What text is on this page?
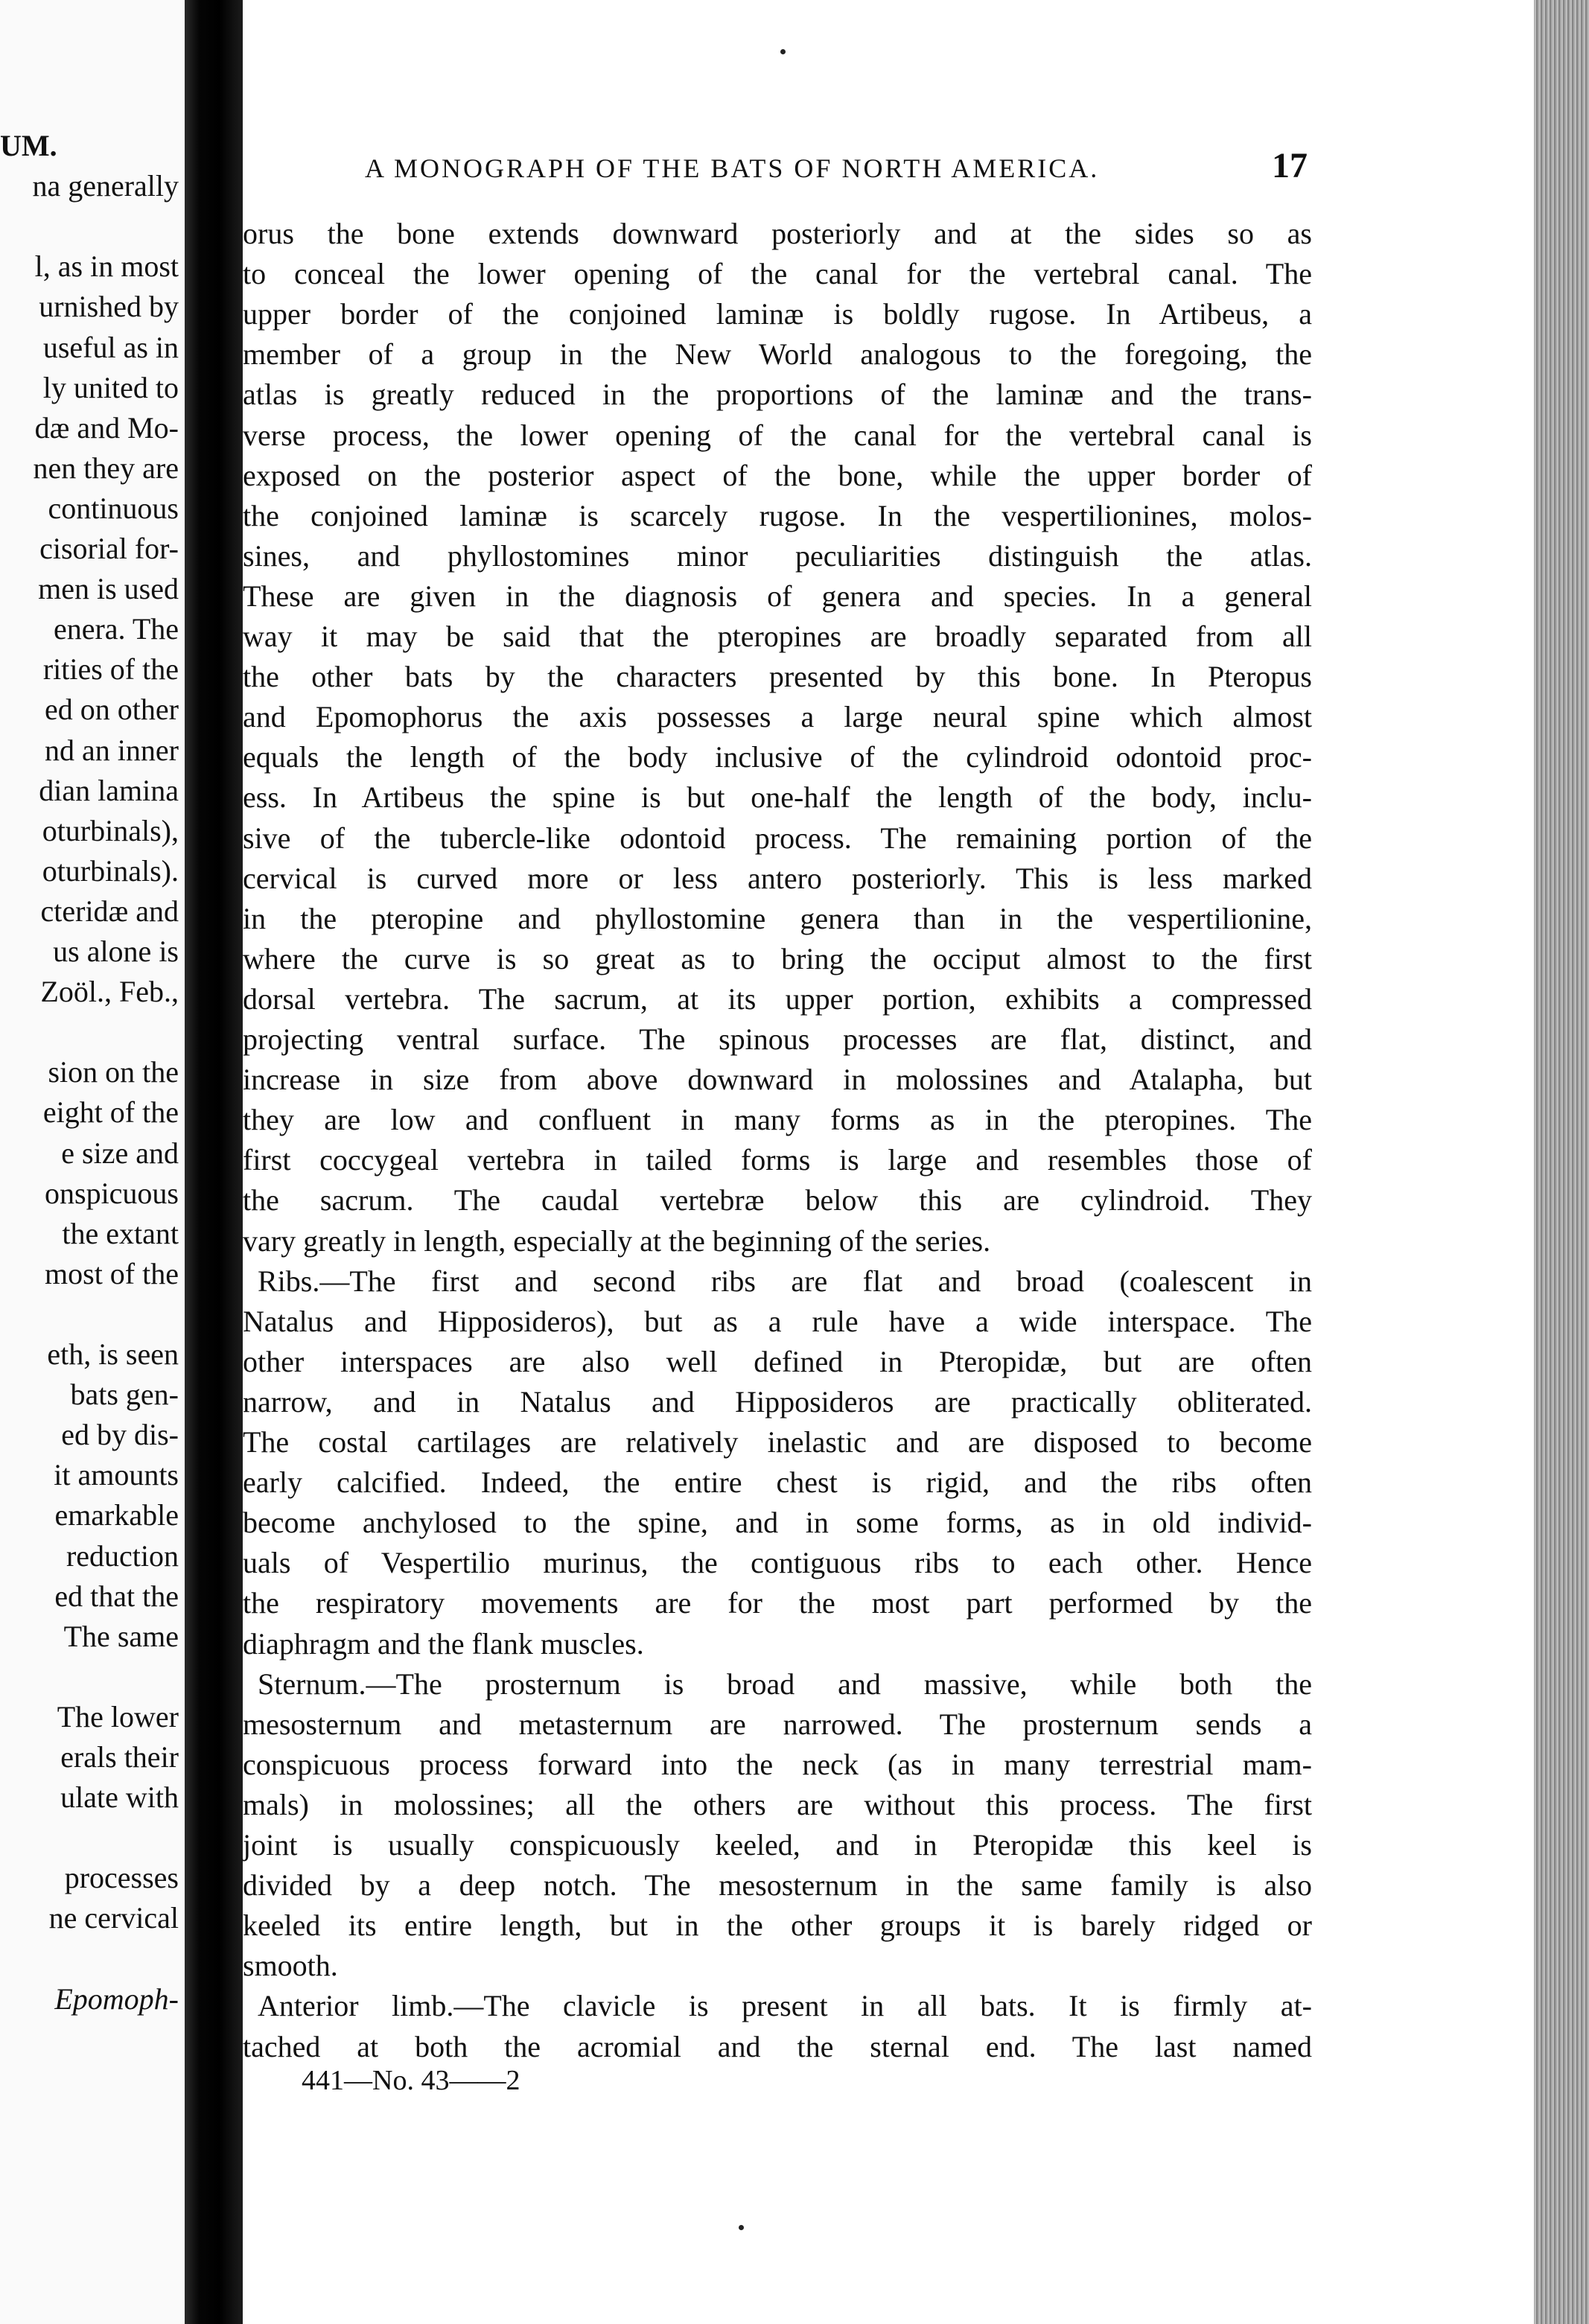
UM.
na generally
l, as in most
urnished by
useful as in
ly united to
dæ and Mo-
nen they are
continuous
cisorial for-
men is used
enera. The
rities of the
ed on other
nd an inner
dian lamina
oturbinals),
oturbinals).
cteridæ and
us alone is
Zoöl., Feb.,
sion on the
eight of the
e size and
onspicuous
the extant
most of the
eth, is seen
bats gen-
ed by dis-
it amounts
emarkable
reduction
ed that the
The same
The lower
erals their
ulate with
processes
ne cervical
Epomoph-
A MONOGRAPH OF THE BATS OF NORTH AMERICA.	17
orus the bone extends downward posteriorly and at the sides so as
to conceal the lower opening of the canal for the vertebral canal. The
upper border of the conjoined laminæ is boldly rugose. In Artibeus, a
member of a group in the New World analogous to the foregoing, the
atlas is greatly reduced in the proportions of the laminæ and the trans-
verse process, the lower opening of the canal for the vertebral canal is
exposed on the posterior aspect of the bone, while the upper border of
the conjoined laminæ is scarcely rugose. In the vespertilionines, molos-
sines, and phyllostomines minor peculiarities distinguish the atlas.
These are given in the diagnosis of genera and species. In a general
way it may be said that the pteropines are broadly separated from all
the other bats by the characters presented by this bone. In Pteropus
and Epomophorus the axis possesses a large neural spine which almost
equals the length of the body inclusive of the cylindroid odontoid proc-
ess. In Artibeus the spine is but one-half the length of the body, inclu-
sive of the tubercle-like odontoid process. The remaining portion of the
cervical is curved more or less antero posteriorly. This is less marked
in the pteropine and phyllostomine genera than in the vespertilionine,
where the curve is so great as to bring the occiput almost to the first
dorsal vertebra. The sacrum, at its upper portion, exhibits a compressed
projecting ventral surface. The spinous processes are flat, distinct, and
increase in size from above downward in molossines and Atalapha, but
they are low and confluent in many forms as in the pteropines. The
first coccygeal vertebra in tailed forms is large and resembles those of
the sacrum. The caudal vertebræ below this are cylindroid. They
vary greatly in length, especially at the beginning of the series.
Ribs.—The first and second ribs are flat and broad (coalescent in
Natalus and Hipposideros), but as a rule have a wide interspace. The
other interspaces are also well defined in Pteropidæ, but are often
narrow, and in Natalus and Hipposideros are practically obliterated.
The costal cartilages are relatively inelastic and are disposed to become
early calcified. Indeed, the entire chest is rigid, and the ribs often
become anchylosed to the spine, and in some forms, as in old individ-
uals of Vespertilio murinus, the contiguous ribs to each other. Hence
the respiratory movements are for the most part performed by the
diaphragm and the flank muscles.
Sternum.—The prosternum is broad and massive, while both the
mesosternum and metasternum are narrowed. The prosternum sends a
conspicuous process forward into the neck (as in many terrestrial mam-
mals) in molossines; all the others are without this process. The first
joint is usually conspicuously keeled, and in Pteropidæ this keel is
divided by a deep notch. The mesosternum in the same family is also
keeled its entire length, but in the other groups it is barely ridged or
smooth.
Anterior limb.—The clavicle is present in all bats. It is firmly at-
tached at both the acromial and the sternal end. The last named
441—No. 43——2
